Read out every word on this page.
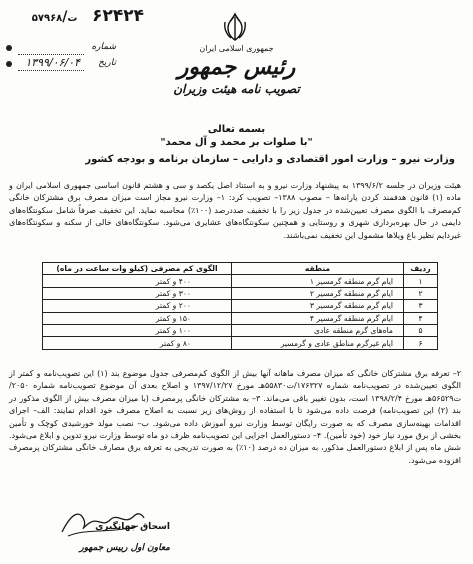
۶۲۴۲۴   ت/۵۷۹۶۸
شماره
تاریخ
۱۳۹۹/۰۶/۰۴
جمهوری اسلامی ایران
رئیس جمهور
تصویب نامه هیئت وزیران
بسمه تعالی
"با صلوات بر محمد و آل محمد"
وزارت نیرو – وزارت امور اقتصادی و دارایی – سازمان برنامه و بودجه کشور
هیئت وزیران در جلسه ۱۳۹۹/۶/۲ به پیشنهاد وزارت نیرو و به استناد اصل یکصد و سی و هشتم قانون اساسی جمهوری اسلامی ایران و ماده (۱) قانون هدفمند کردن یارانه‌ها – مصوب ۱۳۸۸– تصویب کرد: ۱– وزارت نیرو مجاز است میزان مصرف برق مشترکان خانگی کم‌مصرف با الگوی مصرف تعیین‌شده در جدول زیر را با تخفیف صددرصد (۱۰۰٪) محاسبه نماید. این تخفیف صرفاً شامل سکونتگاه‌های دایمی در حال بهره‌برداری شهری و روستایی و همچنین سکونتگاه‌های عشایری می‌شود. سکونتگاه‌های خالی از سکنه و سکونتگاه‌های غیردایم نظیر باغ ویلاها مشمول این تخفیف نمی‌باشند.
ردیف	منطقه	الگوی کم مصرفی (کیلو وات ساعت در ماه)
۱	ایام گرم منطقه گرمسیر ۱	۴۰۰ و کمتر
۲	ایام گرم منطقه گرمسیر ۲	۳۰۰ و کمتر
۳	ایام گرم منطقه گرمسیر ۳	۲۰۰ و کمتر
۴	ایام گرم منطقه گرمسیر ۴	۱۵۰ و کمتر
۵	ماه‌های گرم منطقه عادی	۱۰۰ و کمتر
۶	ایام غیرگرم مناطق عادی و گرمسیر	۸۰ و کمتر
۲– تعرفه برق مشترکان خانگی که میزان مصرف ماهانه آنها بیش از الگوی کم‌مصرفی جدول موضوع بند (۱) این تصویب‌نامه و کمتر از الگوی تعیین‌شده در تصویب‌نامه شماره ۱۷۶۳۲۷/ت۵۵۸۳۰هـ مورخ ۱۳۹۷/۱۲/۲۷ و اصلاح بعدی آن موضوع تصویب‌نامه شماره ۲۰۵۰/ت۵۶۵۲۹هـ مورخ ۱۳۹۸/۲/۴ است، بدون تغییر باقی می‌ماند. ۳– به مشترکان خانگی پرمصرف (با میزان مصرف بیش از الگوی مذکور در بند (۲) این تصویب‌نامه) فرصت داده می‌شود تا با استفاده از روش‌های زیر نسبت به اصلاح مصرف خود اقدام نمایند: الف– اجرای اقدامات بهینه‌سازی مصرف که به صورت رایگان توسط وزارت نیرو آموزش داده می‌شود. ب– نصب مولد خورشیدی کوچک و تأمین بخشی از برق مورد نیاز خود (خود تأمین). ۴– دستورالعمل اجرایی این تصویب‌نامه ظرف دو ماه توسط وزارت نیرو تدوین و ابلاغ می‌شود. شش ماه پس از ابلاغ دستورالعمل مذکور، به میزان ده درصد (۱۰٪) به صورت تدریجی به تعرفه برق مصارف خانگی مشترکان پرمصرف افزوده می‌شود.
اسحاق جهانگیری
معاون اول رییس جمهور
